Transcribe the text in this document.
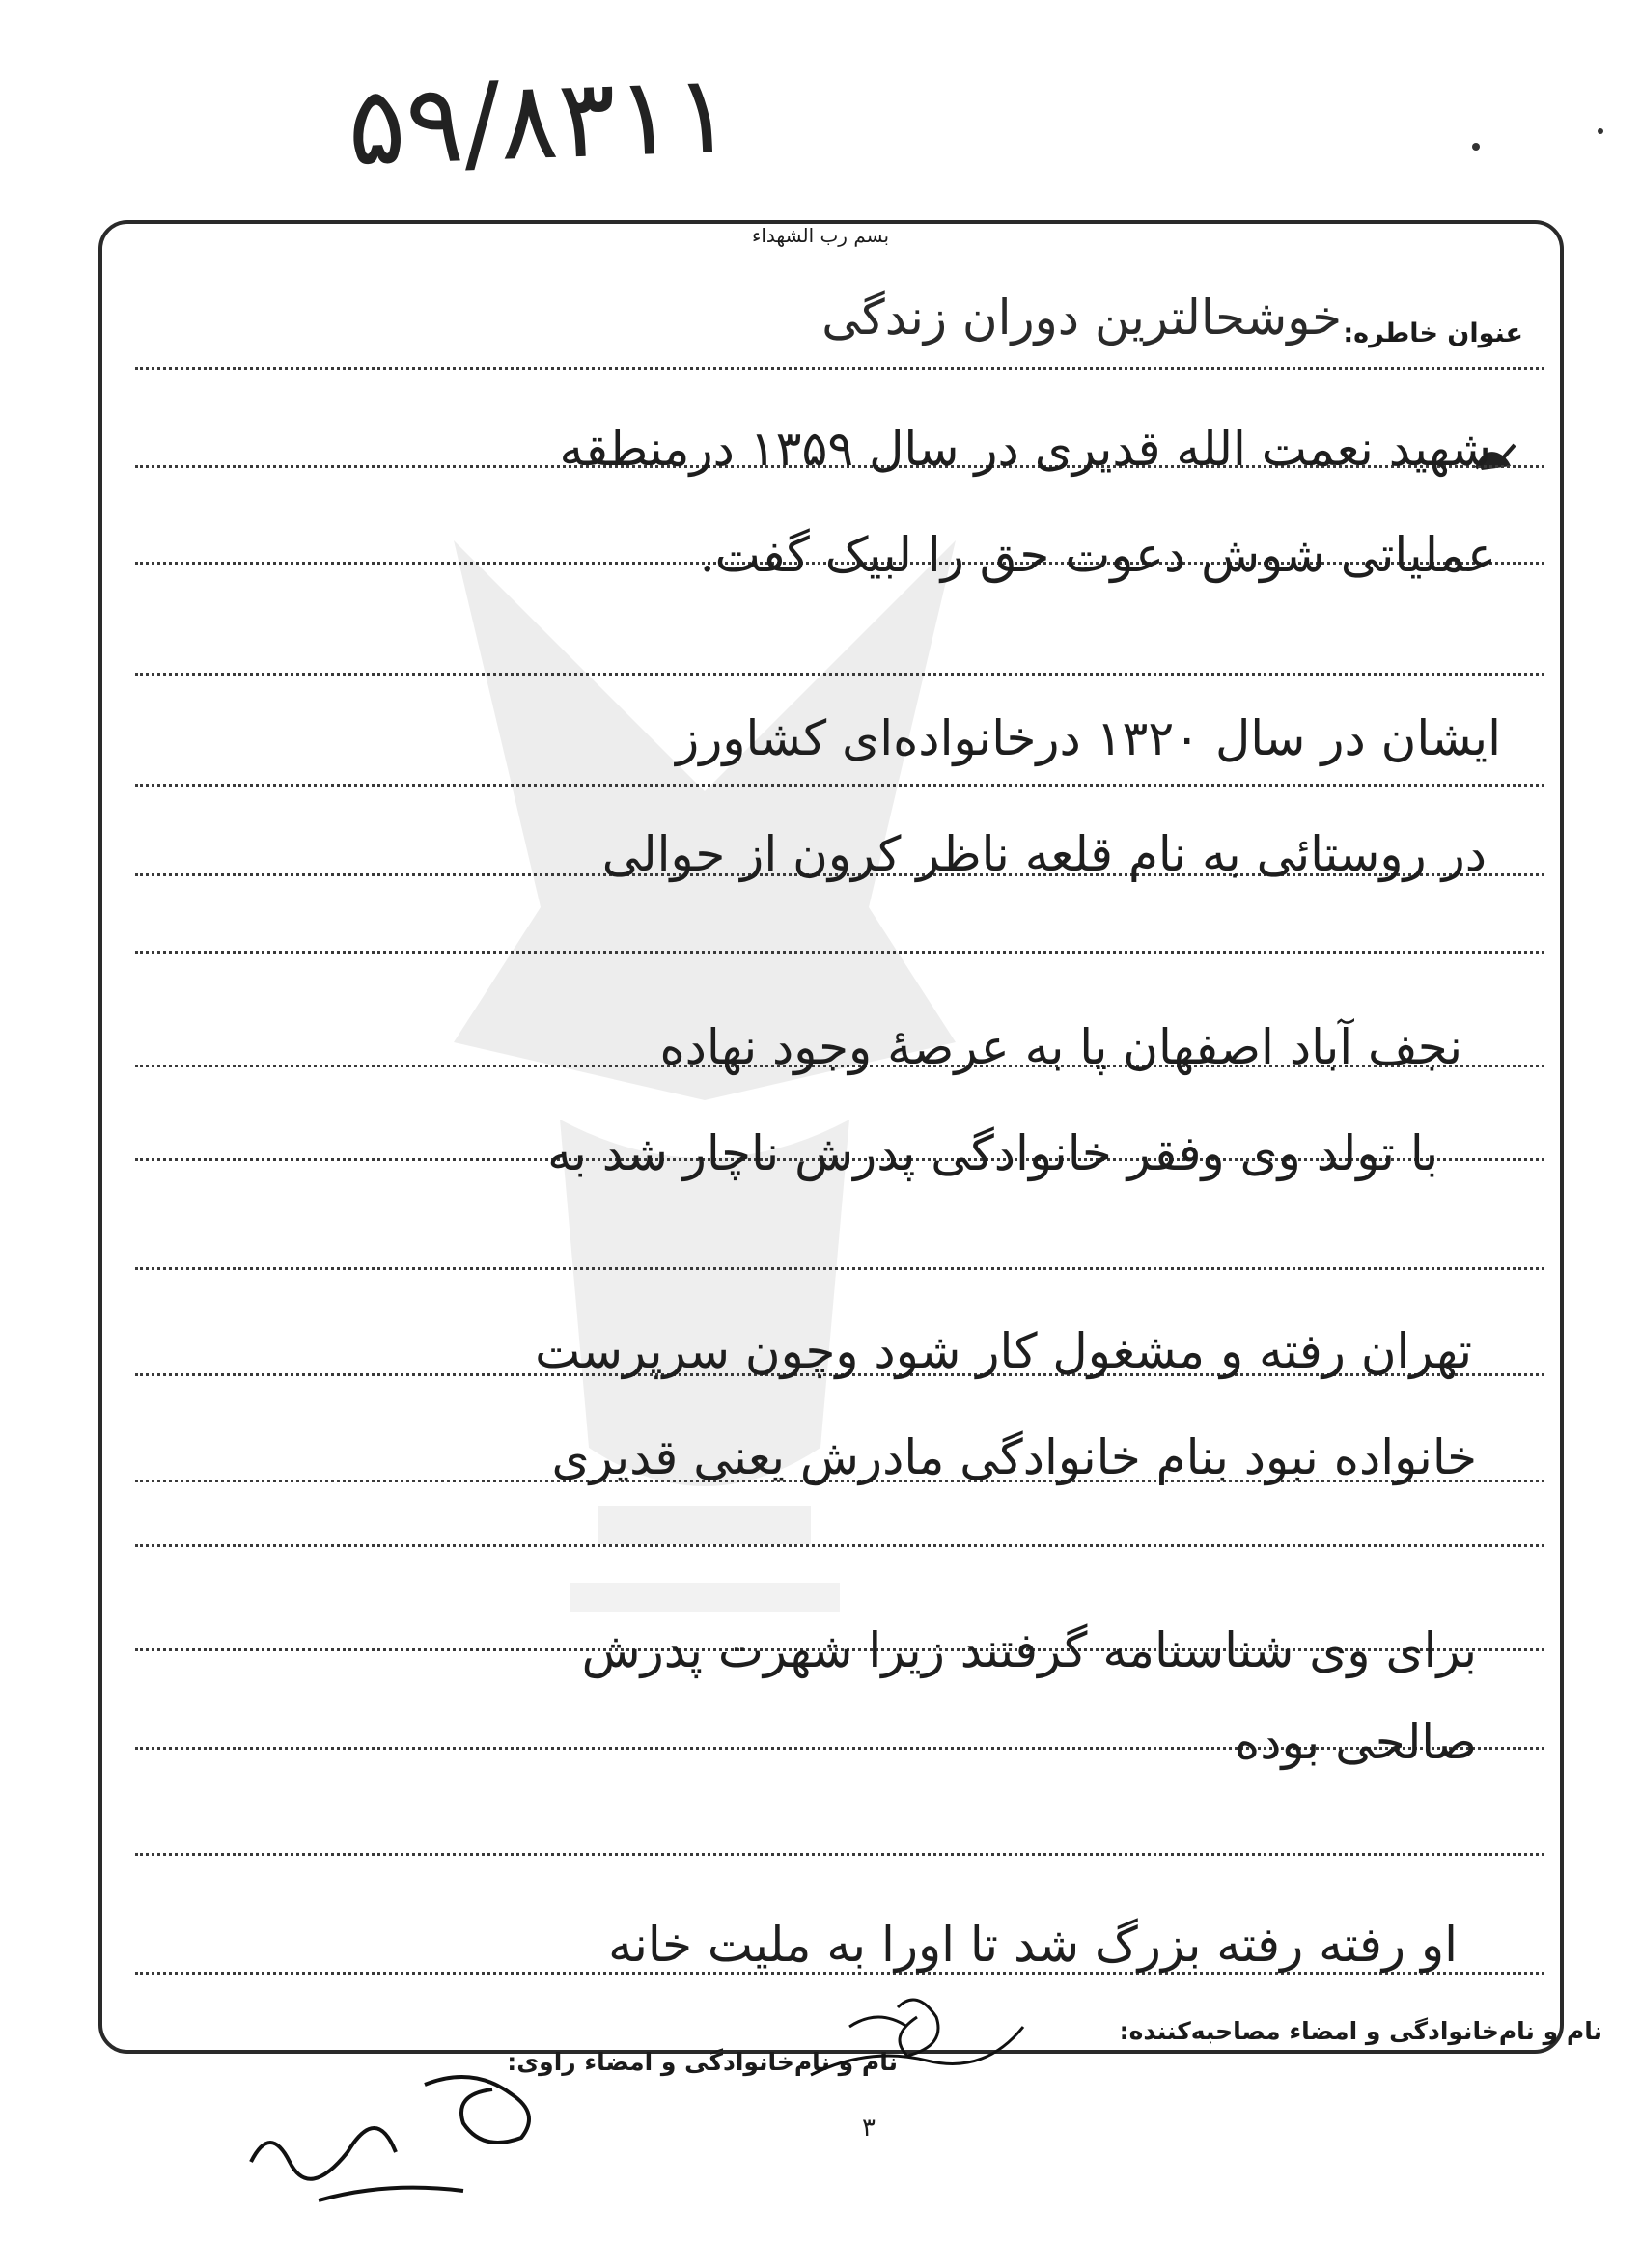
۵۹/۸۳۱۱
بسم رب الشهداء
عنوان خاطره:
خوشحالترین دوران زندگی
شهید نعمت الله قدیری در سال ۱۳۵۹ درمنطقه
عملیاتی شوش دعوت حق را لبیک گفت.
ایشان در سال ۱۳۲۰ درخانواده‌ای کشاورز
در روستائی به نام قلعه ناظر کرون از حوالی
نجف آباد اصفهان پا به عرصهٔ وجود نهاده
با تولد وی وفقر خانوادگی پدرش ناچار شد به
تهران رفته و مشغول کار شود وچون سرپرست
خانواده نبود بنام خانوادگی مادرش یعنی قدیری
برای وی شناسنامه گرفتند زیرا شهرت پدرش
صالحی بوده
او رفته رفته بزرگ شد تا اورا به ملیت خانه
نام و نام‌خانوادگی و امضاء مصاحبه‌کننده:
نام و نام‌خانوادگی و امضاء راوی:
۳
